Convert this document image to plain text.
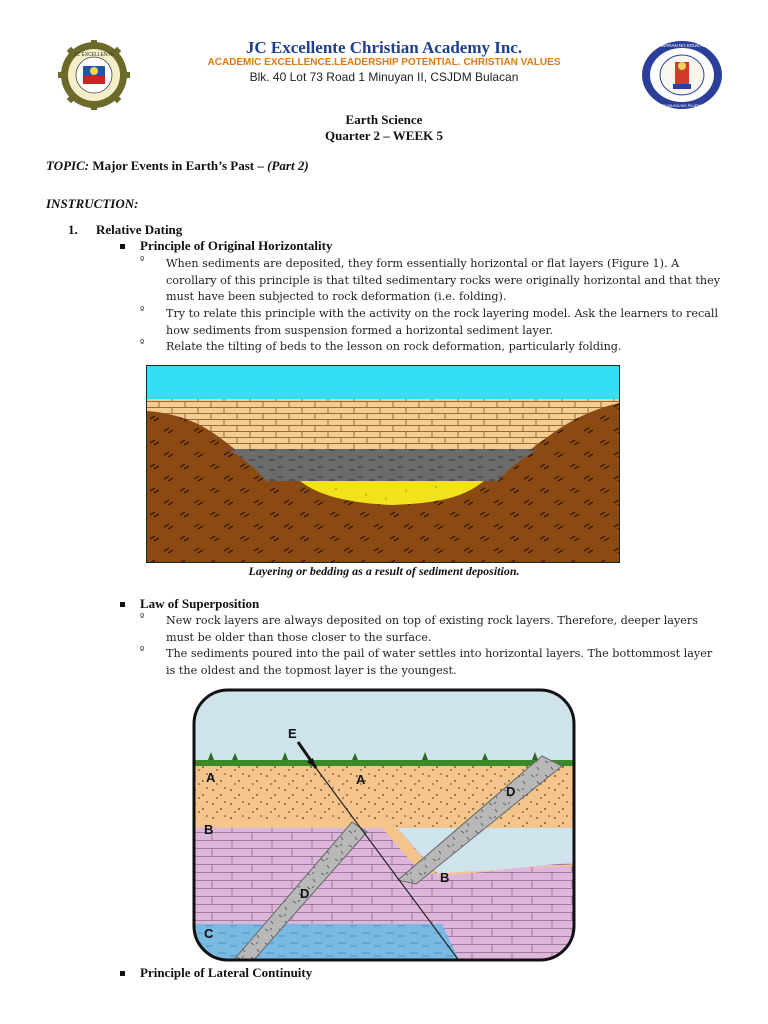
JC EXCELLENTE
KAGAWARAN NG EDUKASYON
REPUBLIKA NG PILIPINAS
JC Excellente Christian Academy Inc.
ACADEMIC EXCELLENCE.LEADERSHIP POTENTIAL. CHRISTIAN VALUES
Blk. 40 Lot 73 Road 1 Minuyan II, CSJDM Bulacan
Earth Science
Quarter 2 – WEEK 5
TOPIC: Major Events in Earth’s Past – (Part 2)
INSTRUCTION:
1. Relative Dating
Principle of Original Horizontality
º When sediments are deposited, they form essentially horizontal or flat layers (Figure 1). A
corollary of this principle is that tilted sedimentary rocks were originally horizontal and that they
must have been subjected to rock deformation (i.e. folding).
º Try to relate this principle with the activity on the rock layering model. Ask the learners to recall
how sediments from suspension formed a horizontal sediment layer.
º Relate the tilting of beds to the lesson on rock deformation, particularly folding.
Layering or bedding as a result of sediment deposition.
Law of Superposition
º New rock layers are always deposited on top of existing rock layers. Therefore, deeper layers
must be older than those closer to the surface.
º The sediments poured into the pail of water settles into horizontal layers. The bottommost layer
is the oldest and the topmost layer is the youngest.
E
A	A
B
B
C
D
D
Principle of Lateral Continuity
